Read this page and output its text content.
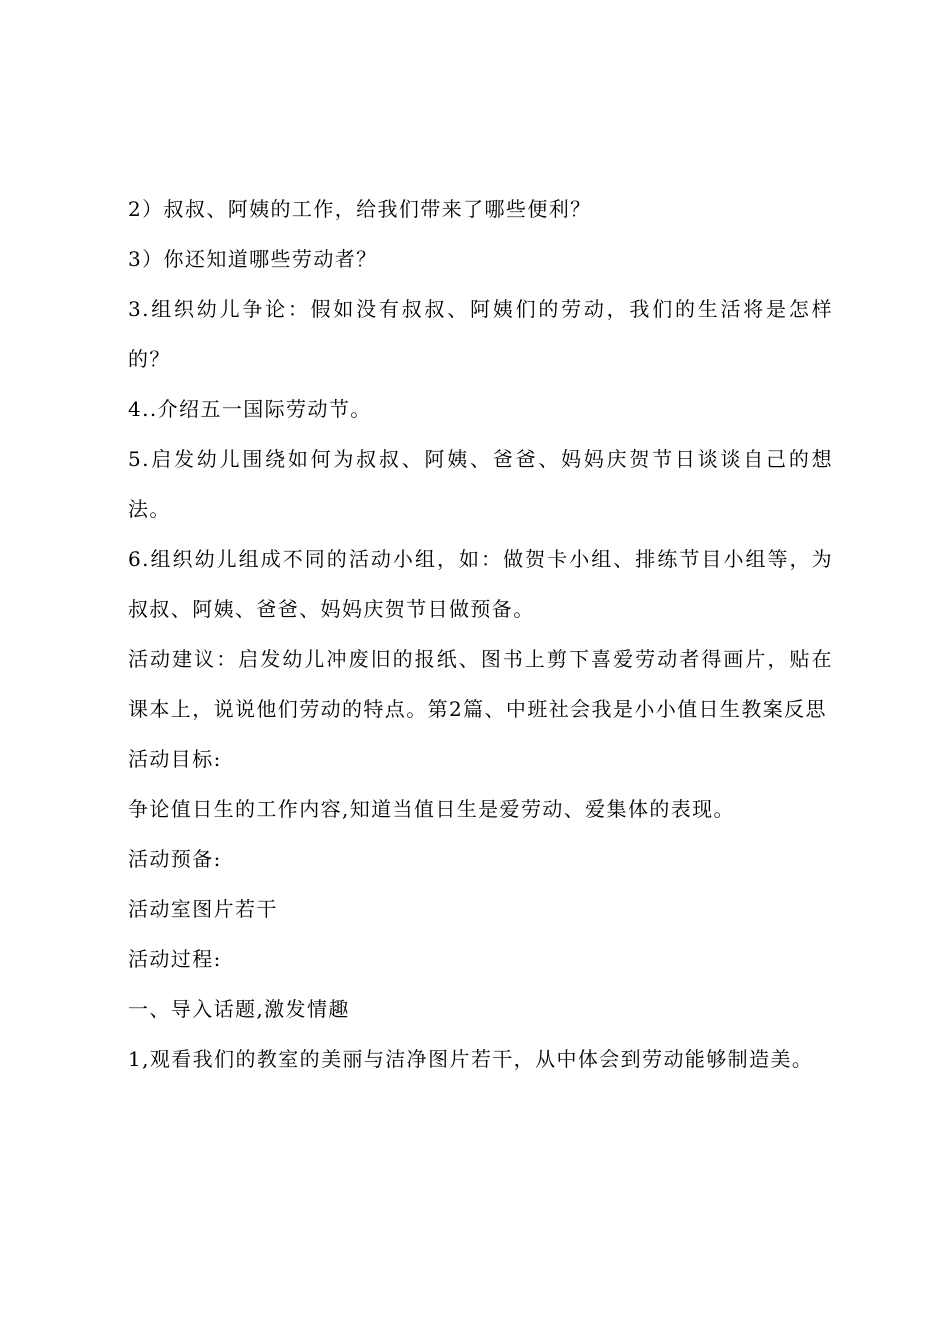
2）叔叔、阿姨的工作，给我们带来了哪些便利？

3）你还知道哪些劳动者？

3.组织幼儿争论：假如没有叔叔、阿姨们的劳动，我们的生活将是怎样的？

4..介绍五一国际劳动节。

5.启发幼儿围绕如何为叔叔、阿姨、爸爸、妈妈庆贺节日谈谈自己的想法。

6.组织幼儿组成不同的活动小组，如：做贺卡小组、排练节目小组等，为叔叔、阿姨、爸爸、妈妈庆贺节日做预备。

活动建议：启发幼儿冲废旧的报纸、图书上剪下喜爱劳动者得画片，贴在课本上，说说他们劳动的特点。第2篇、中班社会我是小小值日生教案反思

活动目标:

争论值日生的工作内容,知道当值日生是爱劳动、爱集体的表现。

活动预备:

活动室图片若干

活动过程:

一、导入话题,激发情趣

1,观看我们的教室的美丽与洁净图片若干，从中体会到劳动能够制造美。
